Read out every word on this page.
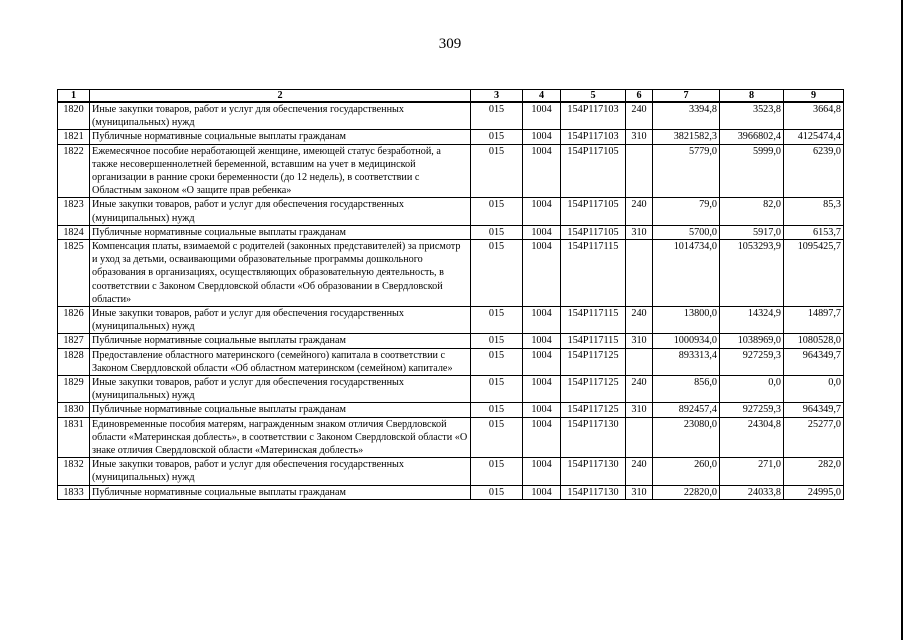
309
1	2	3	4	5	6	7	8	9
1820	Иные закупки товаров, работ и услуг для обеспечения государственных (муниципальных) нужд	015	1004	154P117103	240	3394,8	3523,8	3664,8
1821	Публичные нормативные социальные выплаты гражданам	015	1004	154P117103	310	3821582,3	3966802,4	4125474,4
1822	Ежемесячное пособие неработающей женщине, имеющей статус безработной, а также несовершеннолетней беременной, вставшим на учет в медицинской организации в ранние сроки беременности (до 12 недель), в соответствии с Областным законом «О защите прав ребенка»	015	1004	154P117105		5779,0	5999,0	6239,0
1823	Иные закупки товаров, работ и услуг для обеспечения государственных (муниципальных) нужд	015	1004	154P117105	240	79,0	82,0	85,3
1824	Публичные нормативные социальные выплаты гражданам	015	1004	154P117105	310	5700,0	5917,0	6153,7
1825	Компенсация платы, взимаемой с родителей (законных представителей) за присмотр и уход за детьми, осваивающими образовательные программы дошкольного образования в организациях, осуществляющих образовательную деятельность, в соответствии с Законом Свердловской области «Об образовании в Свердловской области»	015	1004	154P117115		1014734,0	1053293,9	1095425,7
1826	Иные закупки товаров, работ и услуг для обеспечения государственных (муниципальных) нужд	015	1004	154P117115	240	13800,0	14324,9	14897,7
1827	Публичные нормативные социальные выплаты гражданам	015	1004	154P117115	310	1000934,0	1038969,0	1080528,0
1828	Предоставление областного материнского (семейного) капитала в соответствии с Законом Свердловской области «Об областном материнском (семейном) капитале»	015	1004	154P117125		893313,4	927259,3	964349,7
1829	Иные закупки товаров, работ и услуг для обеспечения государственных (муниципальных) нужд	015	1004	154P117125	240	856,0	0,0	0,0
1830	Публичные нормативные социальные выплаты гражданам	015	1004	154P117125	310	892457,4	927259,3	964349,7
1831	Единовременные пособия матерям, награжденным знаком отличия Свердловской области «Материнская доблесть», в соответствии с Законом Свердловской области «О знаке отличия Свердловской области «Материнская доблесть»	015	1004	154P117130		23080,0	24304,8	25277,0
1832	Иные закупки товаров, работ и услуг для обеспечения государственных (муниципальных) нужд	015	1004	154P117130	240	260,0	271,0	282,0
1833	Публичные нормативные социальные выплаты гражданам	015	1004	154P117130	310	22820,0	24033,8	24995,0
